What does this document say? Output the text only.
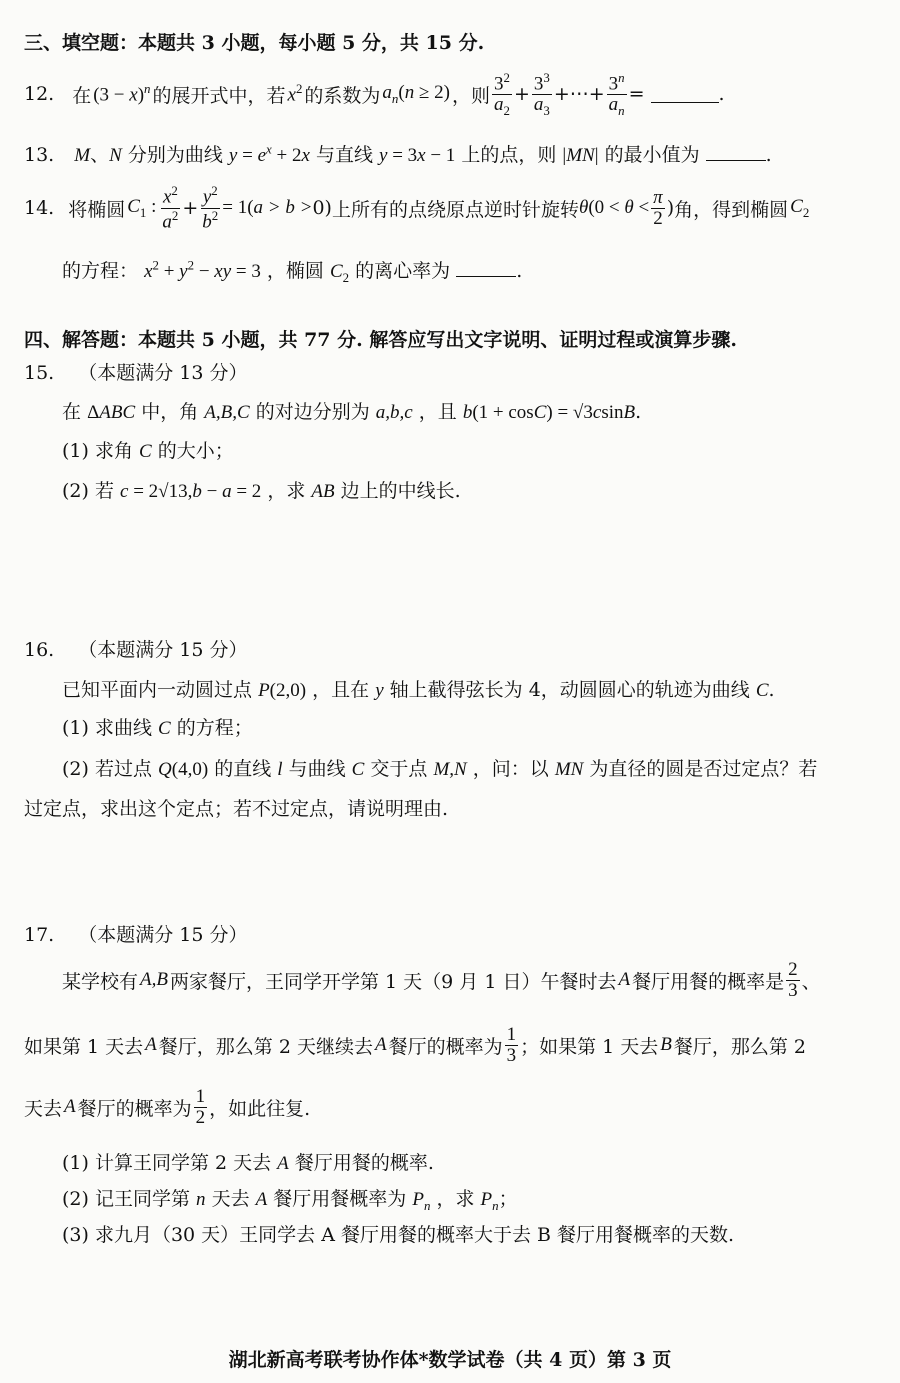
三、填空题：本题共 3 小题，每小题 5 分，共 15 分.
12. 在 $(3 - x)^n$ 的展开式中，若 $x^2$ 的系数为 $a_n(n \ge 2)$ ，则 $\frac{3^2}{a_2} + \frac{3^3}{a_3}$ +⋯+ $\frac{3^n}{a_n}$ =	.
13. M、N 分别为曲线 $y = e^x + 2x$ 与直线 y = 3x − 1 上的点，则 |MN| 的最小值为	.
14. 将椭圆 $C_1$ : $\frac{x^2}{a^2} + \frac{y^2}{b^2} = 1$( a > b > 0) 上所有的点绕原点逆时针旋转 $\theta(0 < \theta < \frac{\pi}{2}$ ) 角，得到椭圆 $C_2$
的方程： $x^2 + y^2$ − xy = 3 ，椭圆 $C_2$ 的离心率为	.
四、解答题：本题共 5 小题，共 77 分. 解答应写出文字说明、证明过程或演算步骤.
15. （本题满分 13 分）
在 ΔABC 中，角 A,B,C 的对边分别为 a,b,c ，且 b(1 + cosC) = √3csinB.
(1) 求角 C 的大小；
(2) 若 c = 2√13,b − a = 2 ，求 AB 边上的中线长.
16. （本题满分 15 分）
已知平面内一动圆过点 P(2,0) ，且在 y 轴上截得弦长为 4，动圆圆心的轨迹为曲线 C.
(1) 求曲线 C 的方程；
(2) 若过点 Q(4,0) 的直线 l 与曲线 C 交于点 M,N ，问：以 MN 为直径的圆是否过定点？若
过定点，求出这个定点；若不过定点，请说明理由.
17. （本题满分 15 分）
某学校有 A,B 两家餐厅，王同学开学第 1 天（9 月 1 日）午餐时去 A 餐厅用餐的概率是 $\frac{2}{3}$ 、
如果第 1 天去 A 餐厅，那么第 2 天继续去 A 餐厅的概率为 $\frac{1}{3}$ ；如果第 1 天去 B 餐厅，那么第 2
天去 A 餐厅的概率为 $\frac{1}{2}$ ，如此往复.
(1) 计算王同学第 2 天去 A 餐厅用餐的概率.
(2) 记王同学第 n 天去 A 餐厅用餐概率为 $P_n$ ，求 $P_n$；
(3) 求九月（30 天）王同学去 A 餐厅用餐的概率大于去 B 餐厅用餐概率的天数.
湖北新高考联考协作体*数学试卷（共 4 页）第 3 页
